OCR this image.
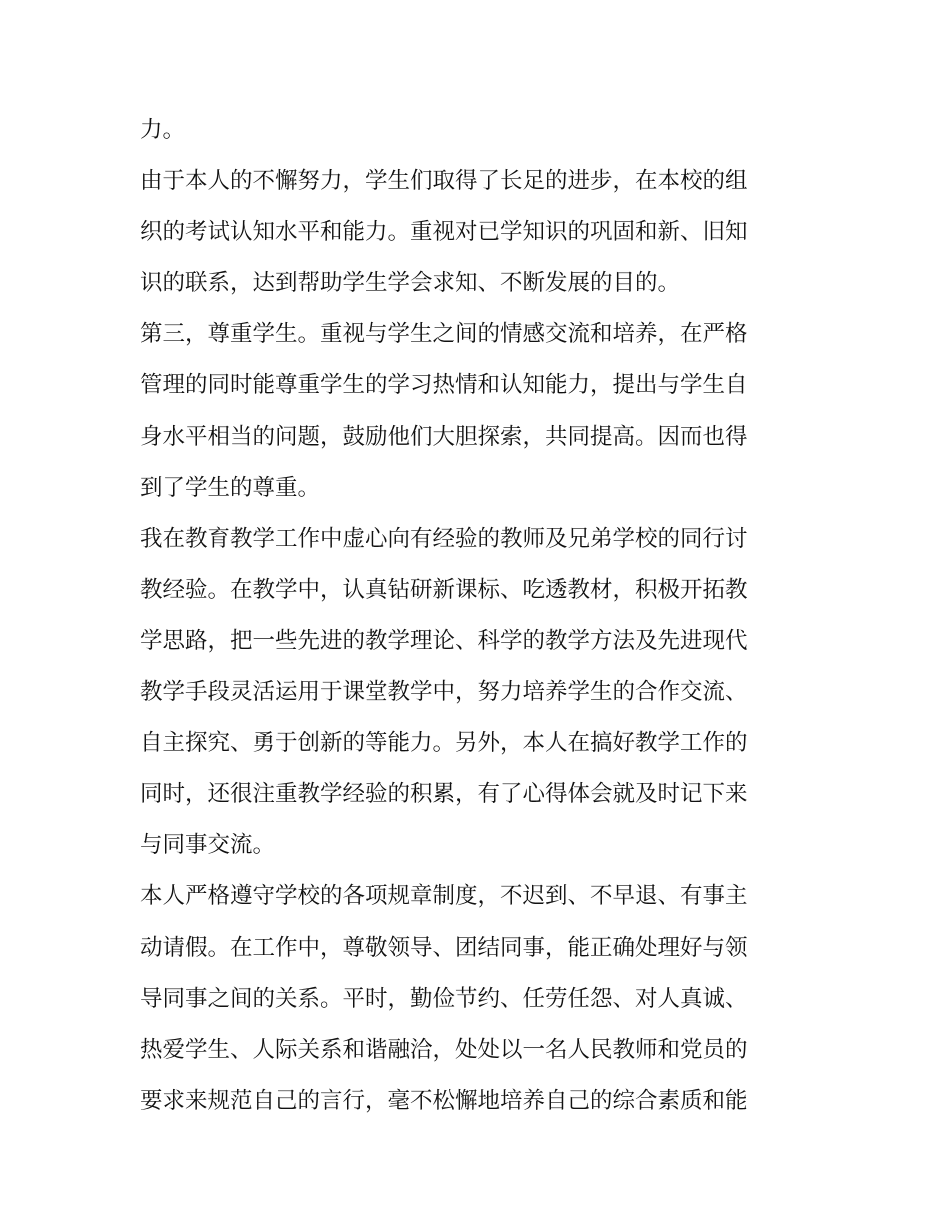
力。
由于本人的不懈努力，学生们取得了长足的进步，在本校的组
织的考试认知水平和能力。重视对已学知识的巩固和新、旧知
识的联系，达到帮助学生学会求知、不断发展的目的。
第三，尊重学生。重视与学生之间的情感交流和培养，在严格
管理的同时能尊重学生的学习热情和认知能力，提出与学生自
身水平相当的问题，鼓励他们大胆探索，共同提高。因而也得
到了学生的尊重。
我在教育教学工作中虚心向有经验的教师及兄弟学校的同行讨
教经验。在教学中，认真钻研新课标、吃透教材，积极开拓教
学思路，把一些先进的教学理论、科学的教学方法及先进现代
教学手段灵活运用于课堂教学中，努力培养学生的合作交流、
自主探究、勇于创新的等能力。另外，本人在搞好教学工作的
同时，还很注重教学经验的积累，有了心得体会就及时记下来
与同事交流。
本人严格遵守学校的各项规章制度，不迟到、不早退、有事主
动请假。在工作中，尊敬领导、团结同事，能正确处理好与领
导同事之间的关系。平时，勤俭节约、任劳任怨、对人真诚、
热爱学生、人际关系和谐融洽，处处以一名人民教师和党员的
要求来规范自己的言行，毫不松懈地培养自己的综合素质和能
